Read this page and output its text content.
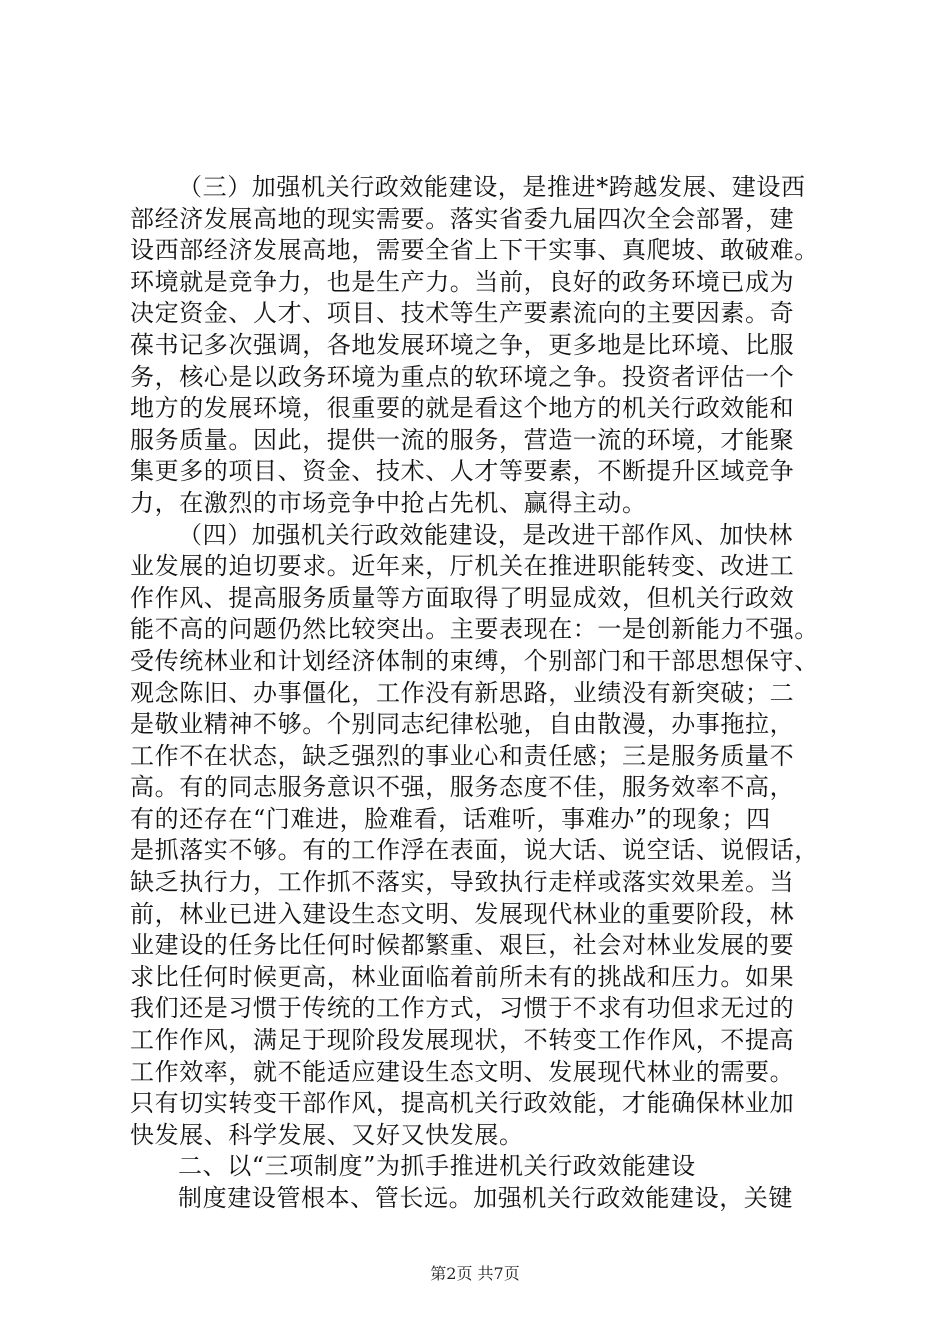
（三）加强机关行政效能建设，是推进*跨越发展、建设西
部经济发展高地的现实需要。落实省委九届四次全会部署，建
设西部经济发展高地，需要全省上下干实事、真爬坡、敢破难。
环境就是竞争力，也是生产力。当前，良好的政务环境已成为
决定资金、人才、项目、技术等生产要素流向的主要因素。奇
葆书记多次强调，各地发展环境之争，更多地是比环境、比服
务，核心是以政务环境为重点的软环境之争。投资者评估一个
地方的发展环境，很重要的就是看这个地方的机关行政效能和
服务质量。因此，提供一流的服务，营造一流的环境，才能聚
集更多的项目、资金、技术、人才等要素，不断提升区域竞争
力，在激烈的市场竞争中抢占先机、赢得主动。
（四）加强机关行政效能建设，是改进干部作风、加快林
业发展的迫切要求。近年来，厅机关在推进职能转变、改进工
作作风、提高服务质量等方面取得了明显成效，但机关行政效
能不高的问题仍然比较突出。主要表现在：一是创新能力不强。
受传统林业和计划经济体制的束缚，个别部门和干部思想保守、
观念陈旧、办事僵化，工作没有新思路，业绩没有新突破；二
是敬业精神不够。个别同志纪律松驰，自由散漫，办事拖拉，
工作不在状态，缺乏强烈的事业心和责任感；三是服务质量不
高。有的同志服务意识不强，服务态度不佳，服务效率不高，
有的还存在“门难进，脸难看，话难听，事难办”的现象；四
是抓落实不够。有的工作浮在表面，说大话、说空话、说假话，
缺乏执行力，工作抓不落实，导致执行走样或落实效果差。当
前，林业已进入建设生态文明、发展现代林业的重要阶段，林
业建设的任务比任何时候都繁重、艰巨，社会对林业发展的要
求比任何时候更高，林业面临着前所未有的挑战和压力。如果
我们还是习惯于传统的工作方式，习惯于不求有功但求无过的
工作作风，满足于现阶段发展现状，不转变工作作风，不提高
工作效率，就不能适应建设生态文明、发展现代林业的需要。
只有切实转变干部作风，提高机关行政效能，才能确保林业加
快发展、科学发展、又好又快发展。
二、以“三项制度”为抓手推进机关行政效能建设
制度建设管根本、管长远。加强机关行政效能建设，关键
第2页 共7页
